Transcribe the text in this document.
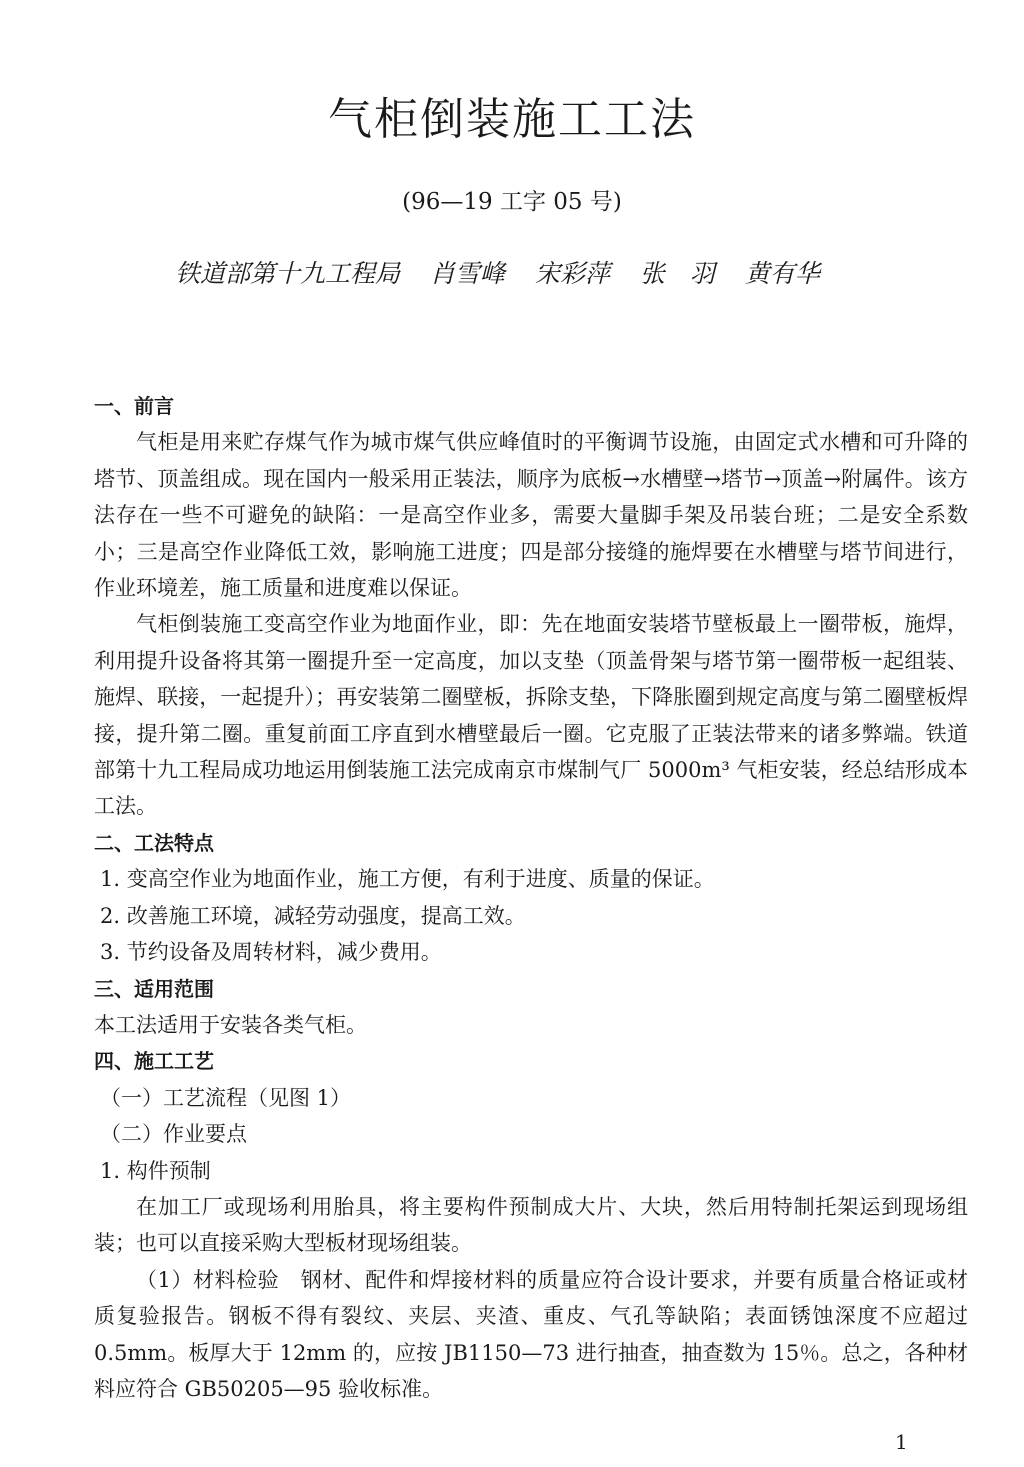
气柜倒装施工工法
(96—19 工字 05 号)
铁道部第十九工程局 肖雪峰 宋彩萍 张　羽 黄有华

一、前言

气柜是用来贮存煤气作为城市煤气供应峰值时的平衡调节设施，由固定式水槽和可升降的塔节、顶盖组成。现在国内一般采用正装法，顺序为底板→水槽壁→塔节→顶盖→附属件。该方法存在一些不可避免的缺陷：一是高空作业多，需要大量脚手架及吊装台班；二是安全系数小；三是高空作业降低工效，影响施工进度；四是部分接缝的施焊要在水槽壁与塔节间进行，作业环境差，施工质量和进度难以保证。

气柜倒装施工变高空作业为地面作业，即：先在地面安装塔节壁板最上一圈带板，施焊，利用提升设备将其第一圈提升至一定高度，加以支垫（顶盖骨架与塔节第一圈带板一起组装、施焊、联接，一起提升）；再安装第二圈壁板，拆除支垫，下降胀圈到规定高度与第二圈壁板焊接，提升第二圈。重复前面工序直到水槽壁最后一圈。它克服了正装法带来的诸多弊端。铁道部第十九工程局成功地运用倒装施工法完成南京市煤制气厂 5000m³ 气柜安装，经总结形成本工法。

二、工法特点

1. 变高空作业为地面作业，施工方便，有利于进度、质量的保证。

2. 改善施工环境，减轻劳动强度，提高工效。

3. 节约设备及周转材料，减少费用。

三、适用范围

本工法适用于安装各类气柜。

四、施工工艺

（一）工艺流程（见图 1）

（二）作业要点

1. 构件预制

在加工厂或现场利用胎具，将主要构件预制成大片、大块，然后用特制托架运到现场组装；也可以直接采购大型板材现场组装。

（1）材料检验　钢材、配件和焊接材料的质量应符合设计要求，并要有质量合格证或材质复验报告。钢板不得有裂纹、夹层、夹渣、重皮、气孔等缺陷；表面锈蚀深度不应超过 0.5mm。板厚大于 12mm 的，应按 JB1150—73 进行抽查，抽查数为 15％。总之，各种材料应符合 GB50205—95 验收标准。

1
